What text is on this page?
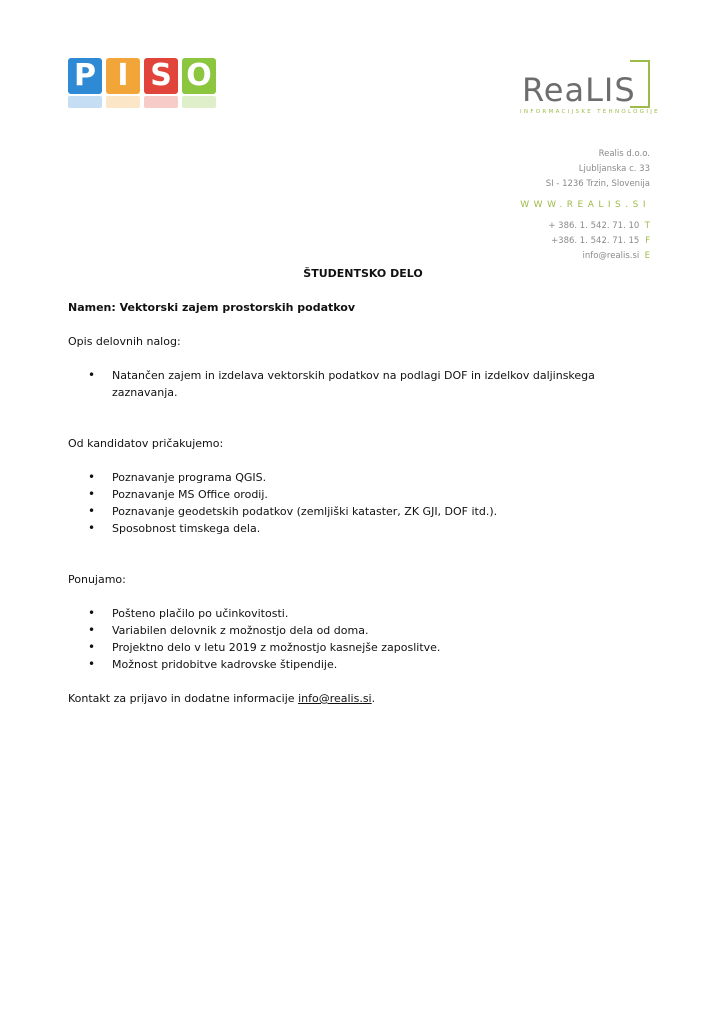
P I S O	ReaLIS
INFORMACIJSKE TEHNOLOGIJE
Realis d.o.o.
Ljubljanska c. 33
SI - 1236 Trzin, Slovenija
WWW.REALIS.SI
+ 386. 1. 542. 71. 10 T
+386. 1. 542. 71. 15 F
info@realis.si E

ŠTUDENTSKO DELO

Namen: Vektorski zajem prostorskih podatkov

Opis delovnih nalog:

• Natančen zajem in izdelava vektorskih podatkov na podlagi DOF in izdelkov daljinskega zaznavanja.

Od kandidatov pričakujemo:

• Poznavanje programa QGIS.
• Poznavanje MS Office orodij.
• Poznavanje geodetskih podatkov (zemljiški kataster, ZK GJI, DOF itd.).
• Sposobnost timskega dela.

Ponujamo:

• Pošteno plačilo po učinkovitosti.
• Variabilen delovnik z možnostjo dela od doma.
• Projektno delo v letu 2019 z možnostjo kasnejše zaposlitve.
• Možnost pridobitve kadrovske štipendije.

Kontakt za prijavo in dodatne informacije info@realis.si.
